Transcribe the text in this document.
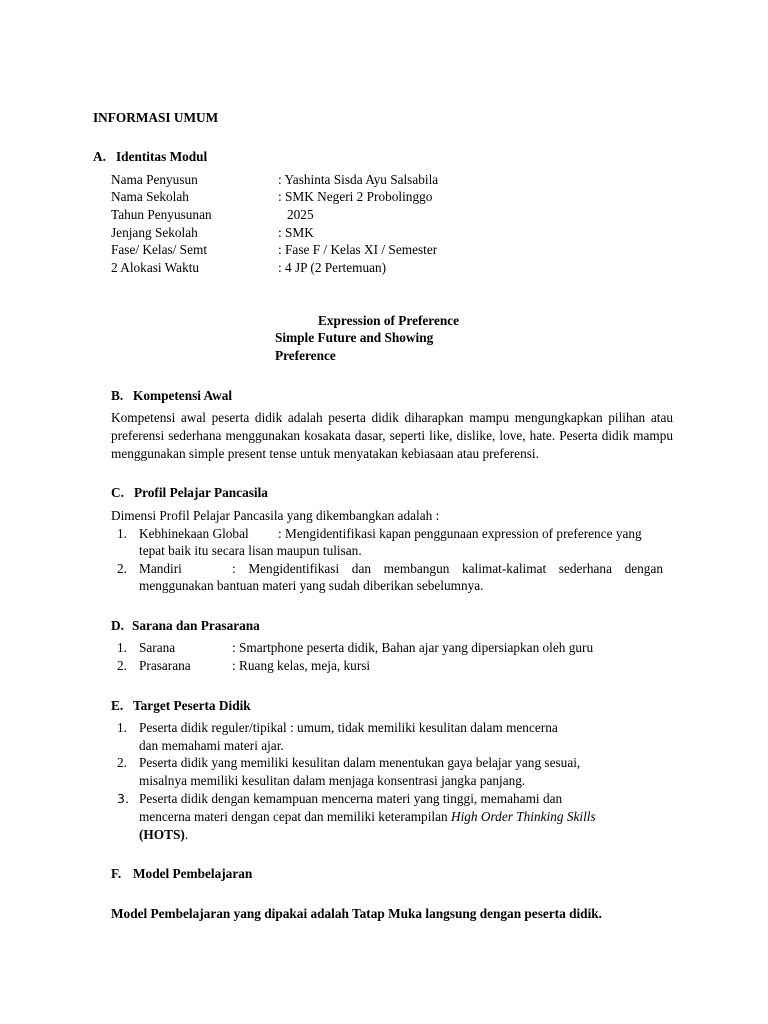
INFORMASI UMUM
A. Identitas Modul
Nama Penyusun	: Yashinta Sisda Ayu Salsabila
Nama Sekolah	: SMK Negeri 2 Probolinggo
Tahun Penyusunan	2025
Jenjang Sekolah	: SMK
Fase/ Kelas/ Semt	: Fase F / Kelas XI / Semester
2 Alokasi Waktu	: 4 JP (2 Pertemuan)
Expression of Preference
Simple Future and Showing
Preference
B. Kompetensi Awal
Kompetensi awal peserta didik adalah peserta didik diharapkan mampu mengungkapkan pilihan atau preferensi sederhana menggunakan kosakata dasar, seperti like, dislike, love, hate. Peserta didik mampu menggunakan simple present tense untuk menyatakan kebiasaan atau preferensi.
C. Profil Pelajar Pancasila
Dimensi Profil Pelajar Pancasila yang dikembangkan adalah :
1. Kebhinekaan Global : Mengidentifikasi kapan penggunaan expression of preference yang
tepat baik itu secara lisan maupun tulisan.
2. Mandiri	: Mengidentifikasi dan membangun kalimat-kalimat sederhana dengan
menggunakan bantuan materi yang sudah diberikan sebelumnya.
D. Sarana dan Prasarana
1. Sarana	: Smartphone peserta didik, Bahan ajar yang dipersiapkan oleh guru
2. Prasarana	: Ruang kelas, meja, kursi
E. Target Peserta Didik
1. Peserta didik reguler/tipikal : umum, tidak memiliki kesulitan dalam mencerna
dan memahami materi ajar.
2. Peserta didik yang memiliki kesulitan dalam menentukan gaya belajar yang sesuai,
misalnya memiliki kesulitan dalam menjaga konsentrasi jangka panjang.
3. Peserta didik dengan kemampuan mencerna materi yang tinggi, memahami dan
mencerna materi dengan cepat dan memiliki keterampilan High Order Thinking Skills
(HOTS).
F. Model Pembelajaran
Model Pembelajaran yang dipakai adalah Tatap Muka langsung dengan peserta didik.
